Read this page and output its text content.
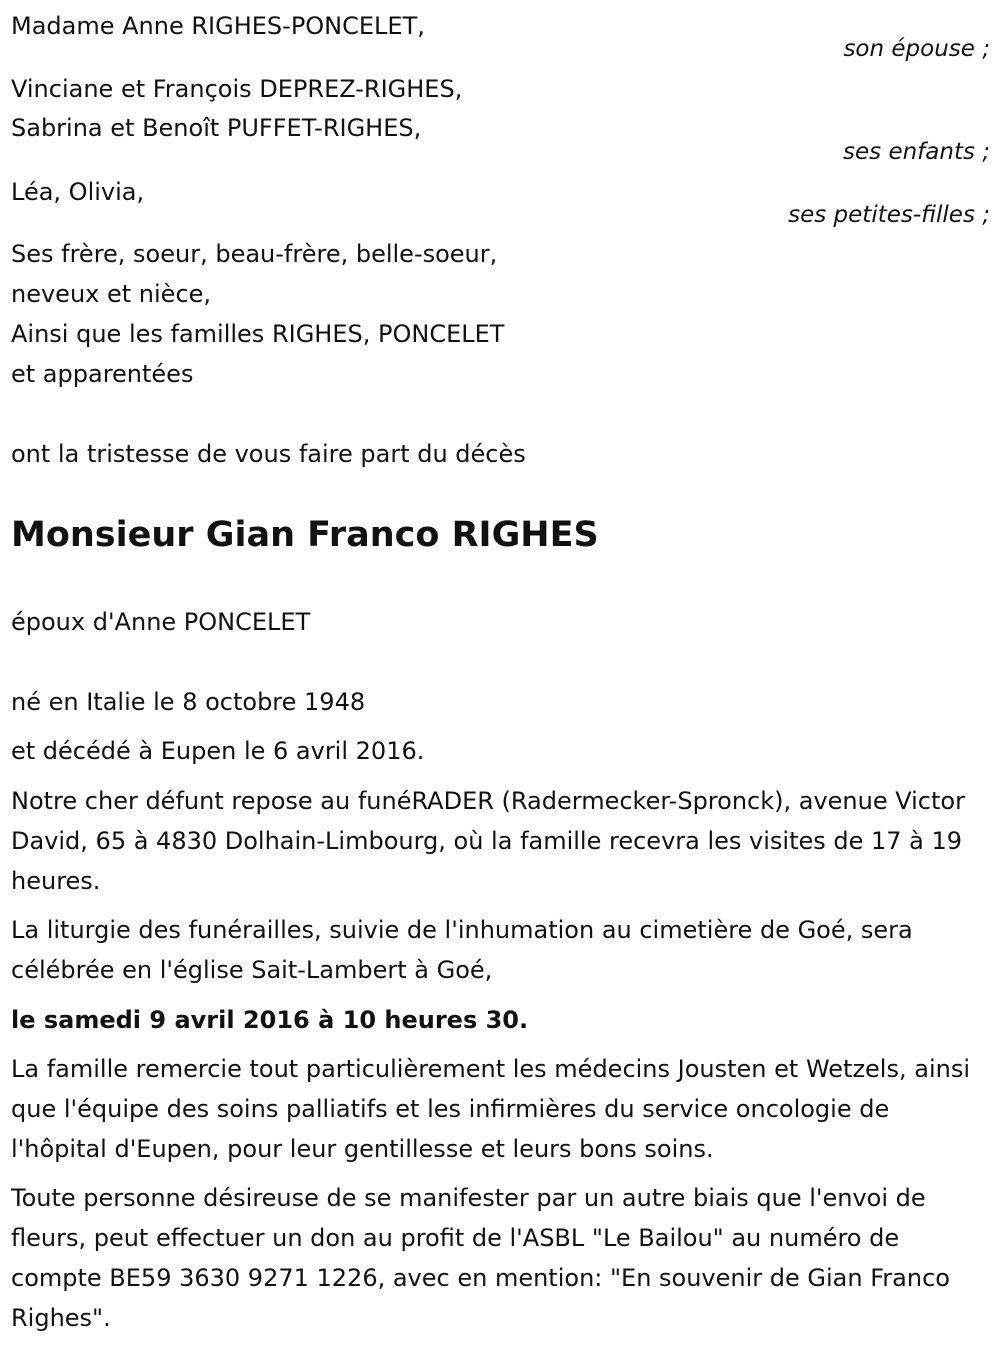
Madame Anne RIGHES-PONCELET,
son épouse ;
Vinciane et François DEPREZ-RIGHES,
Sabrina et Benoît PUFFET-RIGHES,
ses enfants ;
Léa, Olivia,
ses petites-filles ;
Ses frère, soeur, beau-frère, belle-soeur,
neveux et nièce,
Ainsi que les familles RIGHES, PONCELET
et apparentées
ont la tristesse de vous faire part du décès
Monsieur Gian Franco RIGHES
époux d'Anne PONCELET
né en Italie le 8 octobre 1948
et décédé à Eupen le 6 avril 2016.

Notre cher défunt repose au funéRADER (Radermecker-Spronck), avenue Victor David, 65 à 4830 Dolhain-Limbourg, où la famille recevra les visites de 17 à 19 heures.

La liturgie des funérailles, suivie de l'inhumation au cimetière de Goé, sera célébrée en l'église Sait-Lambert à Goé,

le samedi 9 avril 2016 à 10 heures 30.

La famille remercie tout particulièrement les médecins Jousten et Wetzels, ainsi que l'équipe des soins palliatifs et les infirmières du service oncologie de l'hôpital d'Eupen, pour leur gentillesse et leurs bons soins.

Toute personne désireuse de se manifester par un autre biais que l'envoi de fleurs, peut effectuer un don au profit de l'ASBL "Le Bailou" au numéro de compte BE59 3630 9271 1226, avec en mention: "En souvenir de Gian Franco Righes".
